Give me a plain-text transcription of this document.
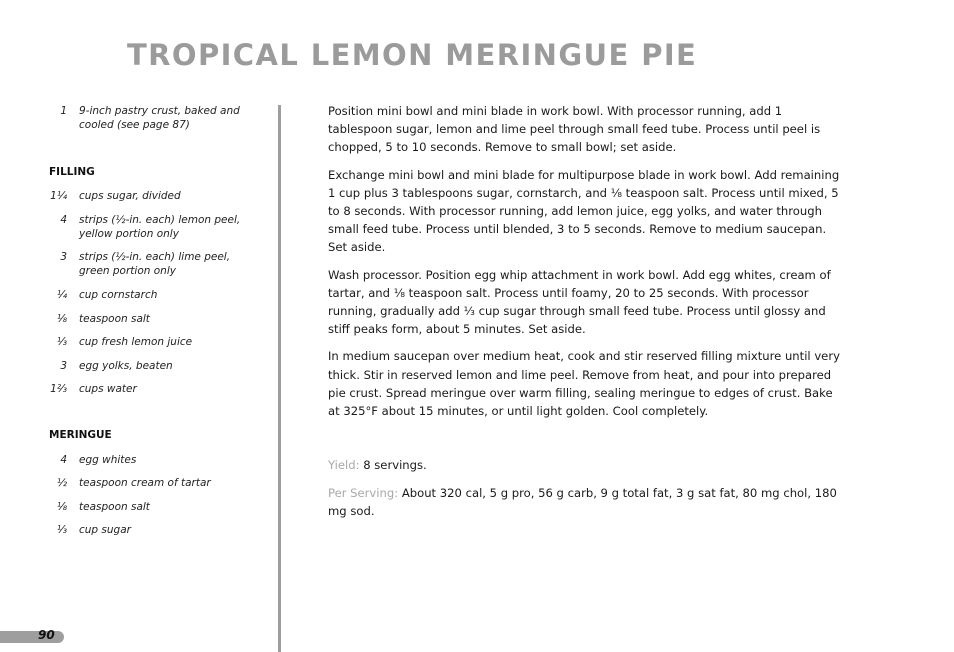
TROPICAL LEMON MERINGUE PIE
1 9-inch pastry crust, baked and cooled (see page 87)
FILLING
1¼ cups sugar, divided
4 strips (½-in. each) lemon peel, yellow portion only
3 strips (½-in. each) lime peel, green portion only
¼ cup cornstarch
⅛ teaspoon salt
⅓ cup fresh lemon juice
3 egg yolks, beaten
1⅔ cups water
MERINGUE
4 egg whites
½ teaspoon cream of tartar
⅛ teaspoon salt
⅓ cup sugar

Position mini bowl and mini blade in work bowl. With processor running, add 1 tablespoon sugar, lemon and lime peel through small feed tube. Process until peel is chopped, 5 to 10 seconds. Remove to small bowl; set aside.

Exchange mini bowl and mini blade for multipurpose blade in work bowl. Add remaining 1 cup plus 3 tablespoons sugar, cornstarch, and ⅛ teaspoon salt. Process until mixed, 5 to 8 seconds. With processor running, add lemon juice, egg yolks, and water through small feed tube. Process until blended, 3 to 5 seconds. Remove to medium saucepan. Set aside.

Wash processor. Position egg whip attachment in work bowl. Add egg whites, cream of tartar, and ⅛ teaspoon salt. Process until foamy, 20 to 25 seconds. With processor running, gradually add ⅓ cup sugar through small feed tube. Process until glossy and stiff peaks form, about 5 minutes. Set aside.

In medium saucepan over medium heat, cook and stir reserved filling mixture until very thick. Stir in reserved lemon and lime peel. Remove from heat, and pour into prepared pie crust. Spread meringue over warm filling, sealing meringue to edges of crust. Bake at 325°F about 15 minutes, or until light golden. Cool completely.

Yield: 8 servings.
Per Serving: About 320 cal, 5 g pro, 56 g carb, 9 g total fat, 3 g sat fat, 80 mg chol, 180 mg sod.
90
